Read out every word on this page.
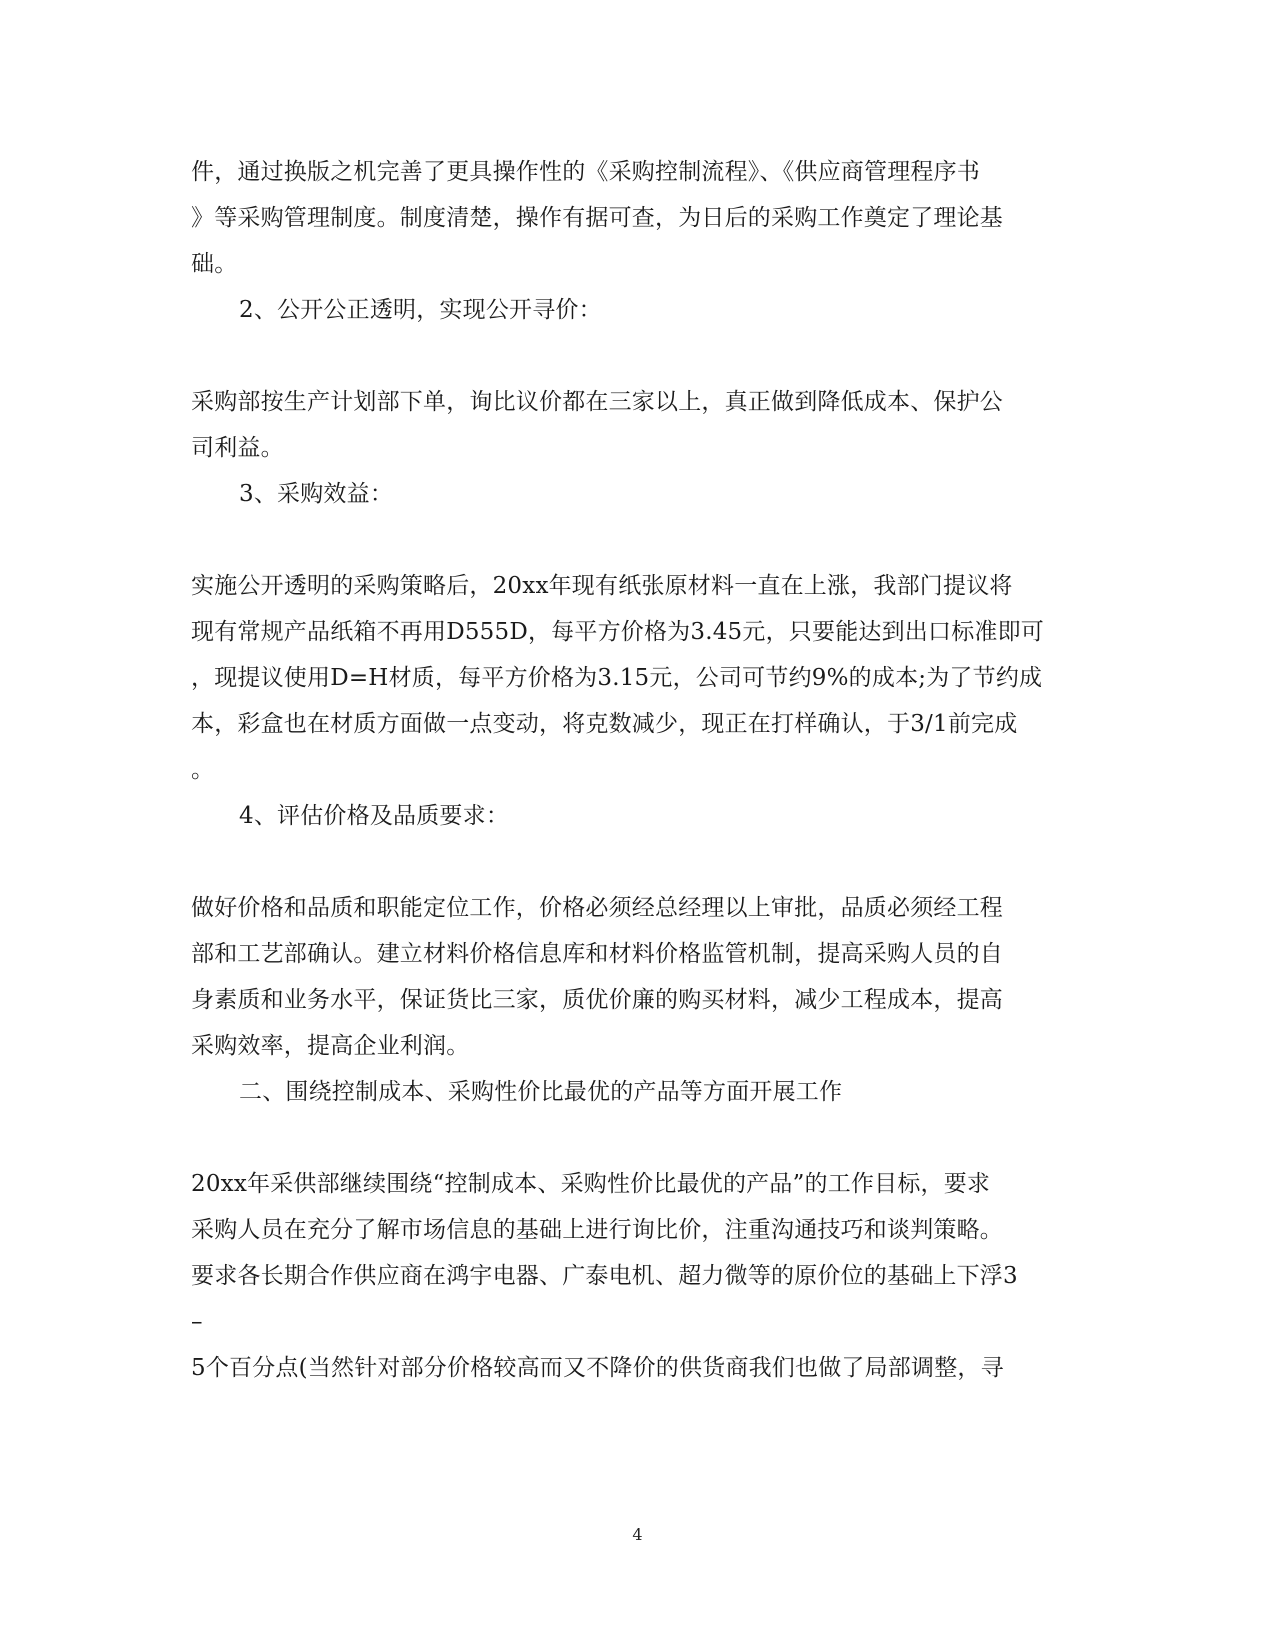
件，通过换版之机完善了更具操作性的《采购控制流程》、《供应商管理程序书
》等采购管理制度。制度清楚，操作有据可查，为日后的采购工作奠定了理论基
础。
2、公开公正透明，实现公开寻价：
采购部按生产计划部下单，询比议价都在三家以上，真正做到降低成本、保护公
司利益。
3、采购效益：
实施公开透明的采购策略后，20xx年现有纸张原材料一直在上涨，我部门提议将
现有常规产品纸箱不再用D555D，每平方价格为3.45元，只要能达到出口标准即可
，现提议使用D=H材质，每平方价格为3.15元，公司可节约9%的成本;为了节约成
本，彩盒也在材质方面做一点变动，将克数减少，现正在打样确认，于3/1前完成
。
4、评估价格及品质要求：
做好价格和品质和职能定位工作，价格必须经总经理以上审批，品质必须经工程
部和工艺部确认。建立材料价格信息库和材料价格监管机制，提高采购人员的自
身素质和业务水平，保证货比三家，质优价廉的购买材料，减少工程成本，提高
采购效率，提高企业利润。
二、围绕控制成本、采购性价比最优的产品等方面开展工作
20xx年采供部继续围绕“控制成本、采购性价比最优的产品”的工作目标，要求
采购人员在充分了解市场信息的基础上进行询比价，注重沟通技巧和谈判策略。
要求各长期合作供应商在鸿宇电器、广泰电机、超力微等的原价位的基础上下浮3
–
5个百分点(当然针对部分价格较高而又不降价的供货商我们也做了局部调整，寻
4
